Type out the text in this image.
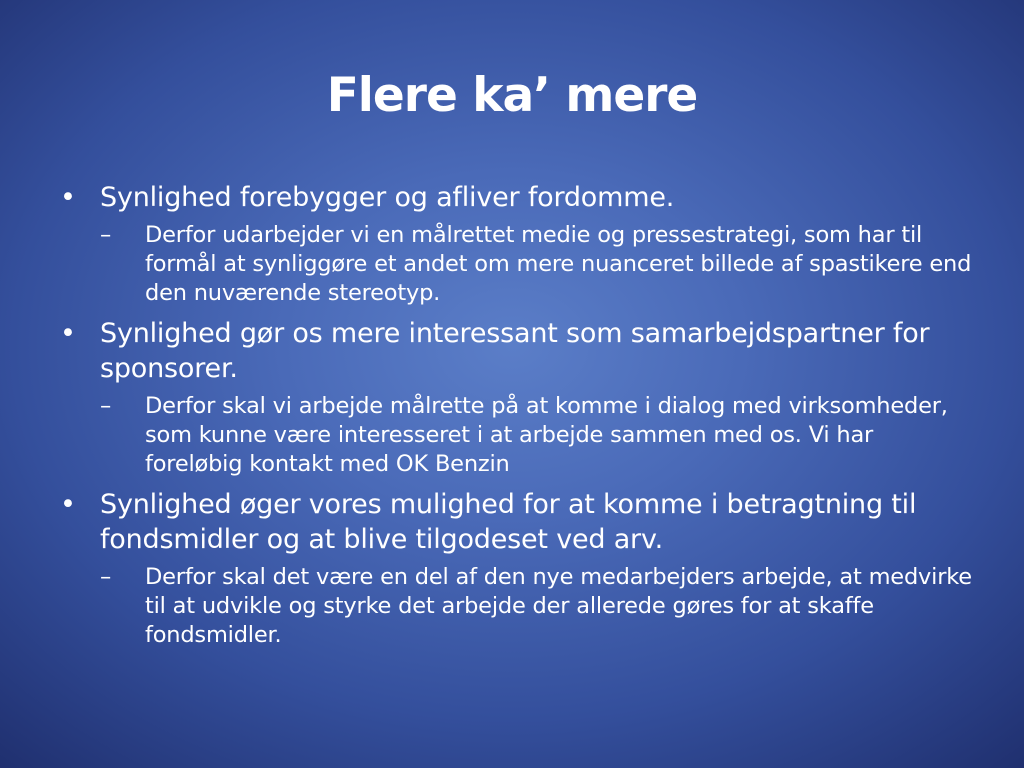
Flere ka’ mere
• Synlighed forebygger og afliver fordomme.
– Derfor udarbejder vi en målrettet medie og pressestrategi, som har til formål at synliggøre et andet om mere nuanceret billede af spastikere end den nuværende stereotyp.
• Synlighed gør os mere interessant som samarbejdspartner for sponsorer.
– Derfor skal vi arbejde målrette på at komme i dialog med virksomheder, som kunne være interesseret i at arbejde sammen med os. Vi har foreløbig kontakt med OK Benzin
• Synlighed øger vores mulighed for at komme i betragtning til fondsmidler og at blive tilgodeset ved arv.
– Derfor skal det være en del af den nye medarbejders arbejde, at medvirke til at udvikle og styrke det arbejde der allerede gøres for at skaffe fondsmidler.
